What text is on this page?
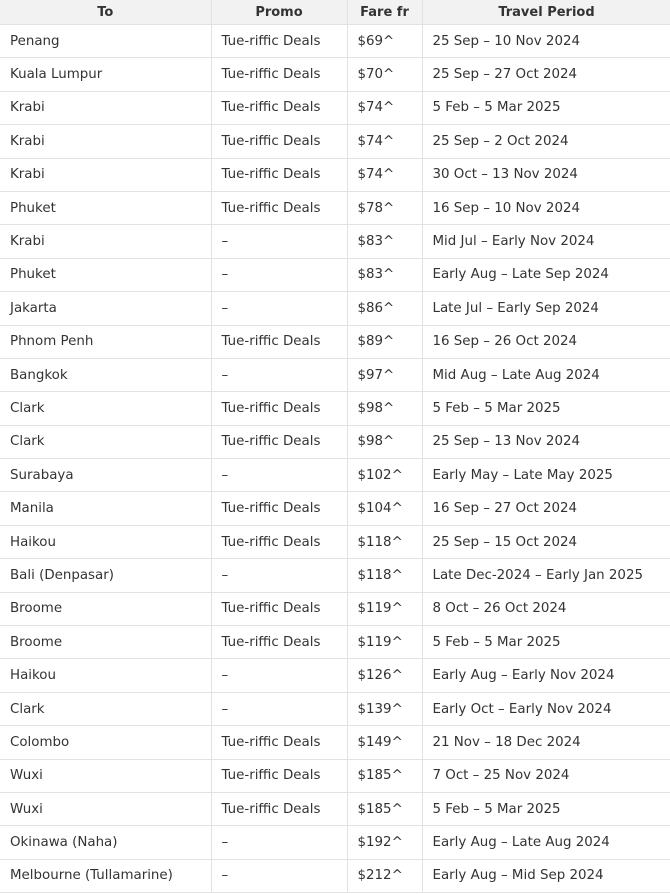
To	Promo	Fare fr	Travel Period
Penang	Tue-riffic Deals	$69^	25 Sep – 10 Nov 2024
Kuala Lumpur	Tue-riffic Deals	$70^	25 Sep – 27 Oct 2024
Krabi	Tue-riffic Deals	$74^	5 Feb – 5 Mar 2025
Krabi	Tue-riffic Deals	$74^	25 Sep – 2 Oct 2024
Krabi	Tue-riffic Deals	$74^	30 Oct – 13 Nov 2024
Phuket	Tue-riffic Deals	$78^	16 Sep – 10 Nov 2024
Krabi	–	$83^	Mid Jul – Early Nov 2024
Phuket	–	$83^	Early Aug – Late Sep 2024
Jakarta	–	$86^	Late Jul – Early Sep 2024
Phnom Penh	Tue-riffic Deals	$89^	16 Sep – 26 Oct 2024
Bangkok	–	$97^	Mid Aug – Late Aug 2024
Clark	Tue-riffic Deals	$98^	5 Feb – 5 Mar 2025
Clark	Tue-riffic Deals	$98^	25 Sep – 13 Nov 2024
Surabaya	–	$102^	Early May – Late May 2025
Manila	Tue-riffic Deals	$104^	16 Sep – 27 Oct 2024
Haikou	Tue-riffic Deals	$118^	25 Sep – 15 Oct 2024
Bali (Denpasar)	–	$118^	Late Dec-2024 – Early Jan 2025
Broome	Tue-riffic Deals	$119^	8 Oct – 26 Oct 2024
Broome	Tue-riffic Deals	$119^	5 Feb – 5 Mar 2025
Haikou	–	$126^	Early Aug – Early Nov 2024
Clark	–	$139^	Early Oct – Early Nov 2024
Colombo	Tue-riffic Deals	$149^	21 Nov – 18 Dec 2024
Wuxi	Tue-riffic Deals	$185^	7 Oct – 25 Nov 2024
Wuxi	Tue-riffic Deals	$185^	5 Feb – 5 Mar 2025
Okinawa (Naha)	–	$192^	Early Aug – Late Aug 2024
Melbourne (Tullamarine)	–	$212^	Early Aug – Mid Sep 2024
